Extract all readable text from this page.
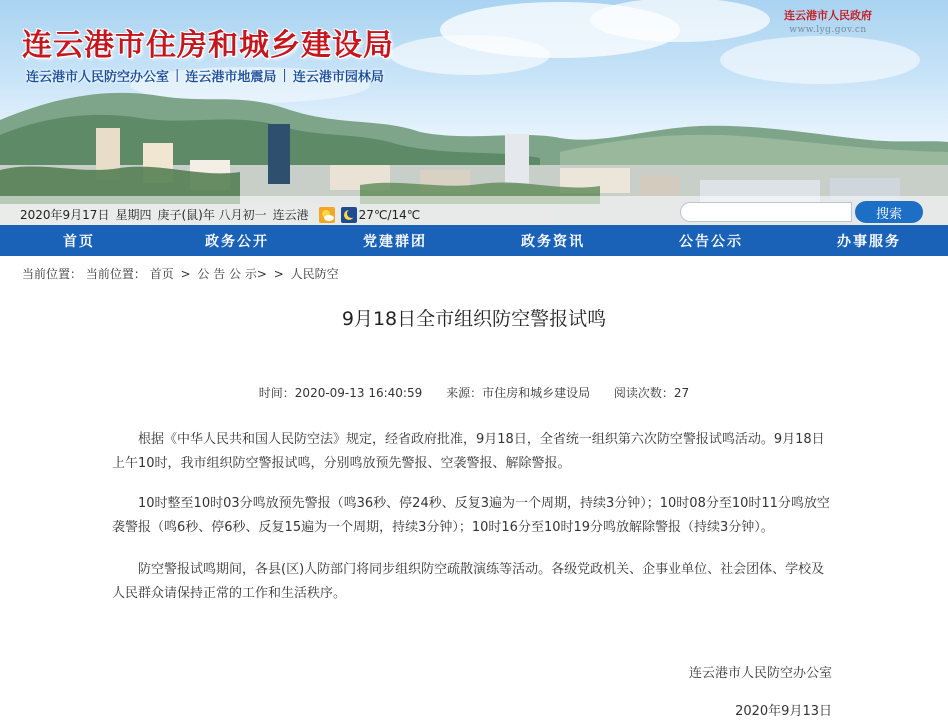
连云港市住房和城乡建设局
连云港市人民防空办公室 | 连云港市地震局 | 连云港市园林局
连云港市人民政府
www.lyg.gov.cn
2020年9月17日 星期四 庚子(鼠)年 八月初一 连云港	27℃/14℃	搜索
首页	政务公开	党建群团	政务资讯	公告公示	办事服务
当前位置： 当前位置： 首页 > 公 告 公 示> > 人民防空
9月18日全市组织防空警报试鸣
时间：2020-09-13 16:40:59 来源：市住房和城乡建设局 阅读次数：27

根据《中华人民共和国人民防空法》规定，经省政府批准，9月18日，全省统一组织第六次防空警报试鸣活动。9月18日上午10时，我市组织防空警报试鸣，分别鸣放预先警报、空袭警报、解除警报。

10时整至10时03分鸣放预先警报（鸣36秒、停24秒、反复3遍为一个周期，持续3分钟）；10时08分至10时11分鸣放空袭警报（鸣6秒、停6秒、反复15遍为一个周期，持续3分钟）；10时16分至10时19分鸣放解除警报（持续3分钟）。

防空警报试鸣期间，各县(区)人防部门将同步组织防空疏散演练等活动。各级党政机关、企事业单位、社会团体、学校及人民群众请保持正常的工作和生活秩序。

连云港市人民防空办公室
2020年9月13日
